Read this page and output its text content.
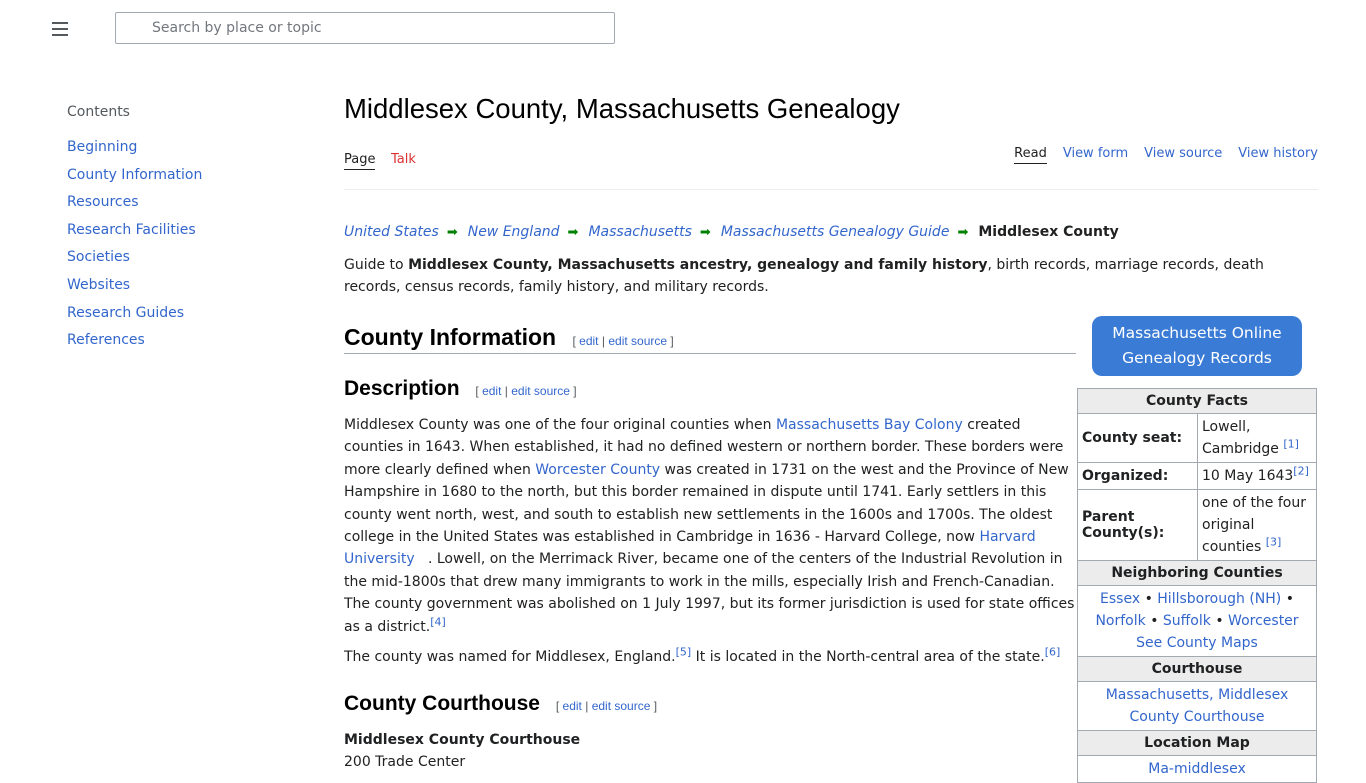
Search by place or topic
Contents
Beginning
County Information
Resources
Research Facilities
Societies
Websites
Research Guides
References
Middlesex County, Massachusetts Genealogy
Page Talk	Read View form View source View history
United States ➡ New England ➡ Massachusetts ➡ Massachusetts Genealogy Guide ➡ Middlesex County

Guide to Middlesex County, Massachusetts ancestry, genealogy and family history, birth records, marriage records, death records, census records, family history, and military records.

County Information [ edit | edit source ]
Description [ edit | edit source ]

Middlesex County was one of the four original counties when Massachusetts Bay Colony created counties in 1643. When established, it had no defined western or northern border. These borders were more clearly defined when Worcester County was created in 1731 on the west and the Province of New Hampshire in 1680 to the north, but this border remained in dispute until 1741. Early settlers in this county went north, west, and south to establish new settlements in the 1600s and 1700s. The oldest college in the United States was established in Cambridge in 1636 - Harvard College, now Harvard University   . Lowell, on the Merrimack River, became one of the centers of the Industrial Revolution in the mid-1800s that drew many immigrants to work in the mills, especially Irish and French-Canadian. The county government was abolished on 1 July 1997, but its former jurisdiction is used for state offices as a district.[4]

The county was named for Middlesex, England.[5] It is located in the North-central area of the state.[6]

County Courthouse [ edit | edit source ]
Middlesex County Courthouse
200 Trade Center
Massachusetts Online Genealogy Records
County Facts	
County seat:	Lowell, Cambridge [1]
Organized:	10 May 1643[2]
Parent County(s):	one of the four original counties [3]
Neighboring Counties	
Essex • Hillsborough (NH) •
Norfolk • Suffolk • Worcester
See County Maps	
Courthouse	
Massachusetts, Middlesex County Courthouse	
Location Map	
Ma-middlesex	
